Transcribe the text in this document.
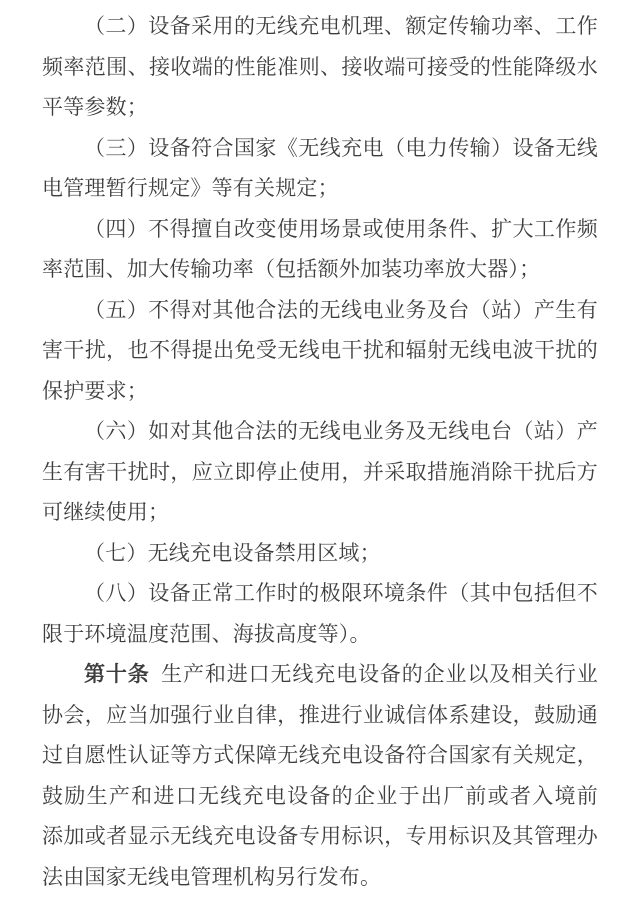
（二）设备采用的无线充电机理、额定传输功率、工作
频率范围、接收端的性能准则、接收端可接受的性能降级水
平等参数；
（三）设备符合国家《无线充电（电力传输）设备无线
电管理暂行规定》等有关规定；
（四）不得擅自改变使用场景或使用条件、扩大工作频
率范围、加大传输功率（包括额外加装功率放大器）；
（五）不得对其他合法的无线电业务及台（站）产生有
害干扰，也不得提出免受无线电干扰和辐射无线电波干扰的
保护要求；
（六）如对其他合法的无线电业务及无线电台（站）产
生有害干扰时，应立即停止使用，并采取措施消除干扰后方
可继续使用；
（七）无线充电设备禁用区域；
（八）设备正常工作时的极限环境条件（其中包括但不
限于环境温度范围、海拔高度等）。
第十条 生产和进口无线充电设备的企业以及相关行业
协会，应当加强行业自律，推进行业诚信体系建设，鼓励通
过自愿性认证等方式保障无线充电设备符合国家有关规定，
鼓励生产和进口无线充电设备的企业于出厂前或者入境前
添加或者显示无线充电设备专用标识，专用标识及其管理办
法由国家无线电管理机构另行发布。
